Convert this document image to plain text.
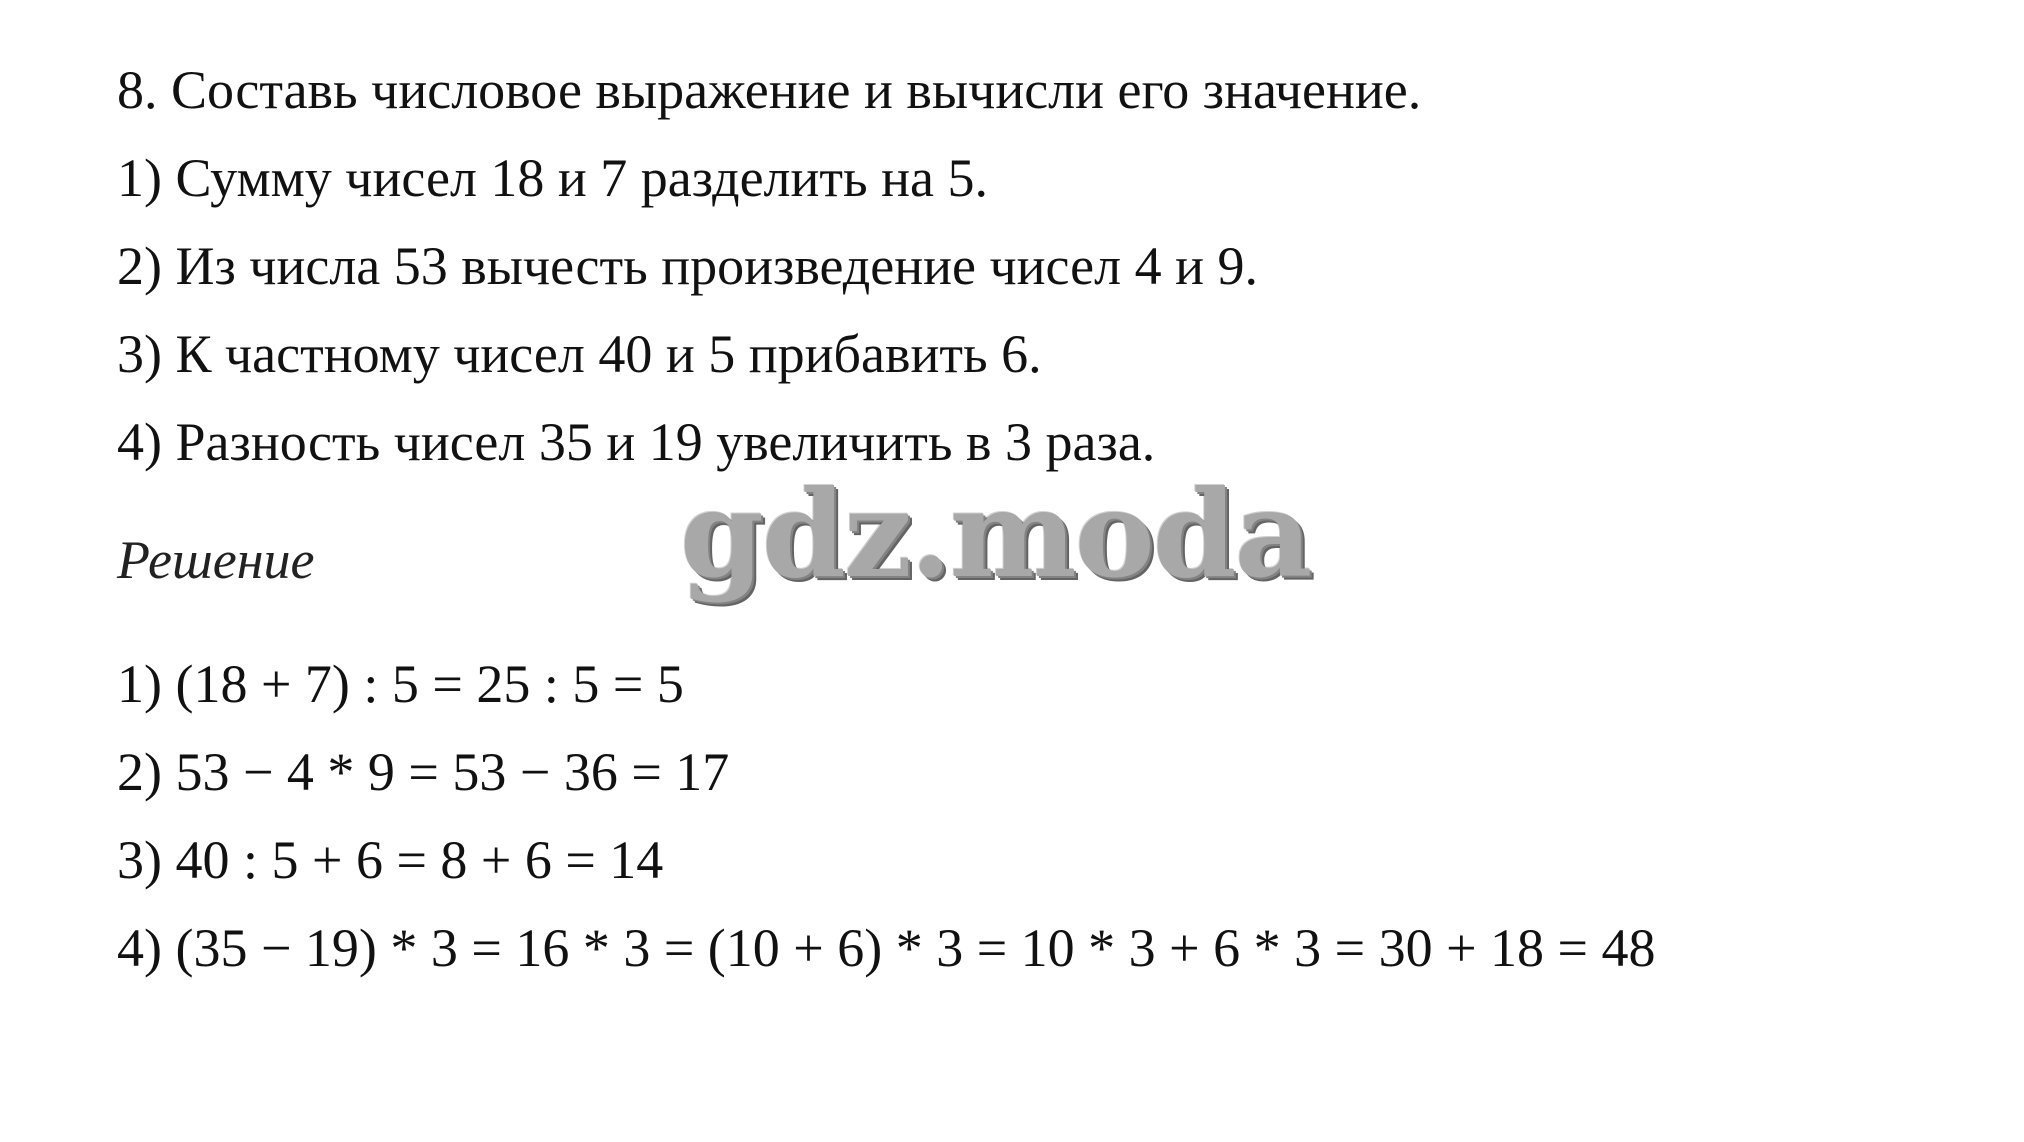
8. Составь числовое выражение и вычисли его значение.
1) Сумму чисел 18 и 7 разделить на 5.
2) Из числа 53 вычесть произведение чисел 4 и 9.
3) К частному чисел 40 и 5 прибавить 6.
4) Разность чисел 35 и 19 увеличить в 3 раза.
gdz.moda
Решение
1) (18 + 7) : 5 = 25 : 5 = 5
2) 53 − 4 * 9 = 53 − 36 = 17
3) 40 : 5 + 6 = 8 + 6 = 14
4) (35 − 19) * 3 = 16 * 3 = (10 + 6) * 3 = 10 * 3 + 6 * 3 = 30 + 18 = 48
